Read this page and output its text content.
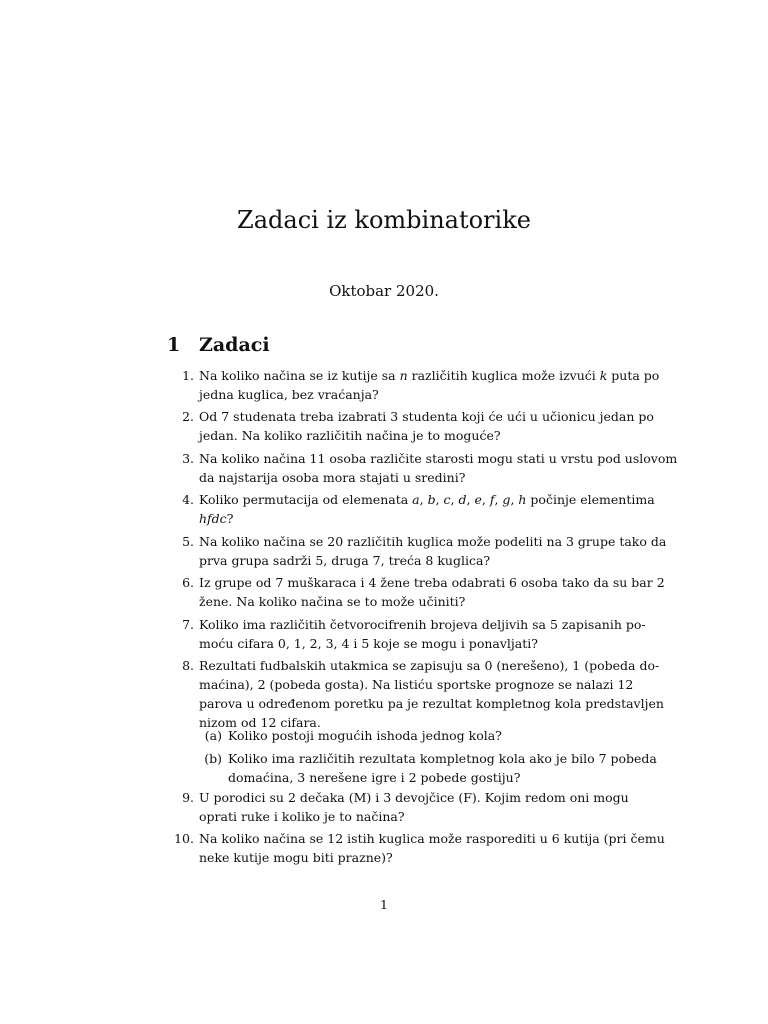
Zadaci iz kombinatorike
Oktobar 2020.
1 Zadaci
1. Na koliko načina se iz kutije sa n različitih kuglica može izvući k puta po
jedna kuglica, bez vraćanja?
2. Od 7 studenata treba izabrati 3 studenta koji će ući u učionicu jedan po
jedan. Na koliko različitih načina je to moguće?
3. Na koliko načina 11 osoba različite starosti mogu stati u vrstu pod uslovom
da najstarija osoba mora stajati u sredini?
4. Koliko permutacija od elemenata a, b, c, d, e, f, g, h počinje elementima
hfdc?
5. Na koliko načina se 20 različitih kuglica može podeliti na 3 grupe tako da
prva grupa sadrži 5, druga 7, treća 8 kuglica?
6. Iz grupe od 7 muškaraca i 4 žene treba odabrati 6 osoba tako da su bar 2
žene. Na koliko načina se to može učiniti?
7. Koliko ima različitih četvorocifrenih brojeva deljivih sa 5 zapisanih po-
moću cifara 0, 1, 2, 3, 4 i 5 koje se mogu i ponavljati?
8. Rezultati fudbalskih utakmica se zapisuju sa 0 (nerešeno), 1 (pobeda do-
maćina), 2 (pobeda gosta). Na listiću sportske prognoze se nalazi 12
parova u određenom poretku pa je rezultat kompletnog kola predstavljen
nizom od 12 cifara.
(a) Koliko postoji mogućih ishoda jednog kola?
(b) Koliko ima različitih rezultata kompletnog kola ako je bilo 7 pobeda
domaćina, 3 nerešene igre i 2 pobede gostiju?
9. U porodici su 2 dečaka (M) i 3 devojčice (F). Kojim redom oni mogu
oprati ruke i koliko je to načina?
10. Na koliko načina se 12 istih kuglica može rasporediti u 6 kutija (pri čemu
neke kutije mogu biti prazne)?
1
